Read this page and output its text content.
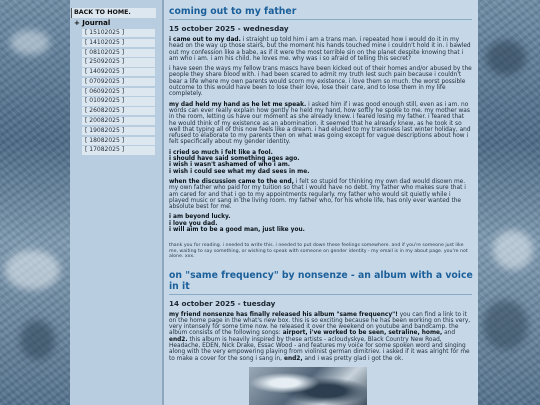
BACK TO HOME.
+ Journal
[ 15102025 ]
[ 14102025 ]
[ 08102025 ]
[ 25092025 ]
[ 14092025 ]
[ 07092025 ]
[ 06092025 ]
[ 01092025 ]
[ 26082025 ]
[ 20082025 ]
[ 19082025 ]
[ 18082025 ]
[ 17082025 ]
coming out to my father
15 october 2025 - wednesday

i came out to my dad. i straight up told him i am a trans man. i repeated how i would do it in my head on the way up those stairs, but the moment his hands touched mine i couldn't hold it in. i bawled out my confession like a babe, as if it were the most terrible sin on the planet despite knowing that i am who i am. i am his child. he loves me. why was i so afraid of telling this secret?

i have seen the ways my fellow trans mascs have been kicked out of their homes and/or abused by the people they share blood with. i had been scared to admit my truth lest such pain because i couldn't bear a life where my own parents would scorn my existence. i love them so much. the worst possible outcome to this would have been to lose their love, lose their care, and to lose them in my life completely.

my dad held my hand as he let me speak. i asked him if i was good enough still, even as i am. no words can ever really explain how gently he held my hand, how softly he spoke to me. my mother was in the room, letting us have our moment as she already knew. i feared losing my father. i feared that he would think of my existence as an abomination. it seemed that he already knew, as he took it so well that typing all of this now feels like a dream. i had eluded to my transness last winter holiday, and refused to elaborate to my parents then on what was going except for vague descriptions about how i felt specifically about my gender identity.

i cried so much i felt like a fool.
i should have said something ages ago.
i wish i wasn't ashamed of who i am.
i wish i could see what my dad sees in me.

when the discussion came to the end, i felt so stupid for thinking my own dad would disown me. my own father who paid for my tuition so that i would have no debt. my father who makes sure that i am cared for and that i go to my appointments regularly. my father who would sit quietly while i played music or sang in the living room. my father who, for his whole life, has only ever wanted the absolute best for me.

i am beyond lucky.
i love you dad.
i will aim to be a good man, just like you.

thank you for reading. i needed to write this. i needed to put down these feelings somewhere. and if you're someone just like me, waiting to say something, or wishing to speak with someone on gender identity - my email is in my about page. you're not alone. xxx.

on "same frequency" by nonsenze - an album with a voice in it
14 october 2025 - tuesday

my friend nonsenze has finally released his album "same frequency"! you can find a link to it on the home page in the what's new box. this is so exciting because he has been working on this very, very intensely for some time now. he released it over the weekend on youtube and bandcamp. the album consists of the following songs: airport, i've worked to be seen, setraline, home, and end2. this album is heavily inspired by these artists - acloudyskye, Black Country New Road, Headache, EDEN, Nick Drake, Essac Wood - and features my voice for some spoken word and singing along with the very empowering playing from violinist german dimitriev. i asked if it was alright for me to make a cover for the song i sang in, end2, and i was pretty glad i got the ok.
